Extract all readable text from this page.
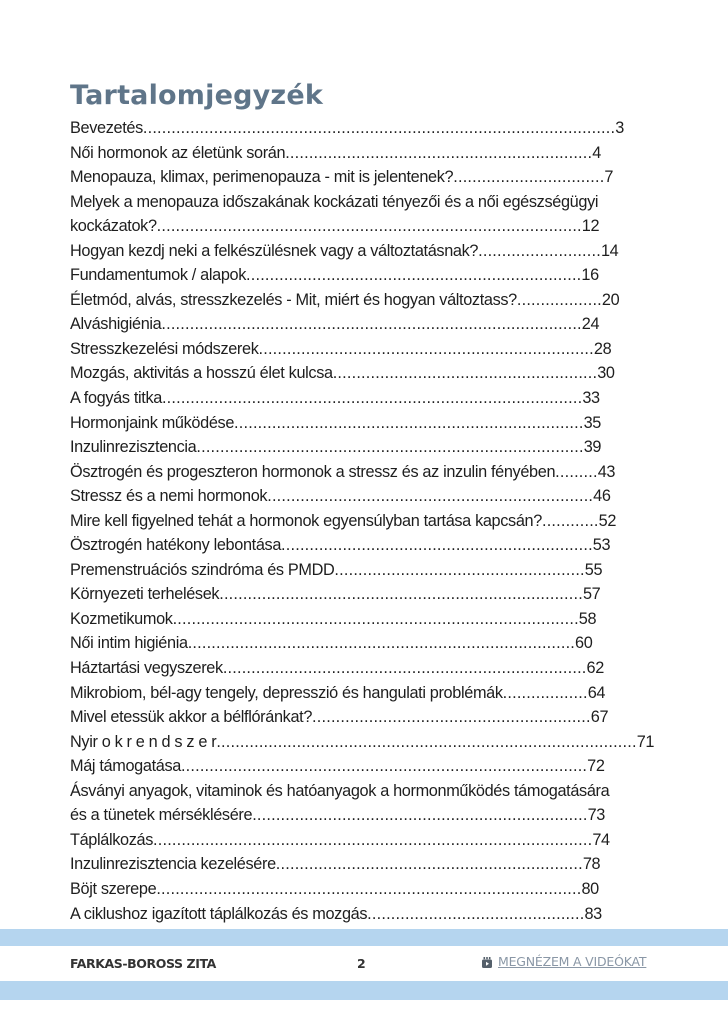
Tartalomjegyzék
Bevezetés .................................................................................................... 3
Női hormonok az életünk során ................................................................. 4
Menopauza, klimax, perimenopauza - mit is jelentenek? ................................ 7
Melyek a menopauza időszakának kockázati tényezői és a női egészségügyi
kockázatok? .......................................................................................... 12
Hogyan kezdj neki a felkészülésnek vagy a változtatásnak? .......................... 14
Fundamentumok / alapok ....................................................................... 16
Életmód, alvás, stresszkezelés - Mit, miért és hogyan változtass? .................. 20
Alváshigiénia ......................................................................................... 24
Stresszkezelési módszerek ....................................................................... 28
Mozgás, aktivitás a hosszú élet kulcsa ........................................................ 30
A fogyás titka ......................................................................................... 33
Hormonjaink működése .......................................................................... 35
Inzulinrezisztencia .................................................................................. 39
Ösztrogén és progeszteron hormonok a stressz és az inzulin fényében ......... 43
Stressz és a nemi hormonok ..................................................................... 46
Mire kell figyelned tehát a hormonok egyensúlyban tartása kapcsán? ............ 52
Ösztrogén hatékony lebontása .................................................................. 53
Premenstruációs szindróma és PMDD ..................................................... 55
Környezeti terhelések ............................................................................. 57
Kozmetikumok ...................................................................................... 58
Női intim higiénia .................................................................................. 60
Háztartási vegyszerek ............................................................................. 62
Mikrobiom, bél-agy tengely, depresszió és hangulati problémák .................. 64
Mivel etessük akkor a bélflóránkat? ........................................................... 67
Nyir o k r e n d s z e r ......................................................................................... 71
Máj támogatása ...................................................................................... 72
Ásványi anyagok, vitaminok és hatóanyagok a hormonműködés támogatására
és a tünetek mérséklésére ....................................................................... 73
Táplálkozás ............................................................................................. 74
Inzulinrezisztencia kezelésére ................................................................. 78
Böjt szerepe .......................................................................................... 80
A ciklushoz igazított táplálkozás és mozgás .............................................. 83
FARKAS-BOROSS ZITA	2	MEGNÉZEM A VIDEÓKAT
